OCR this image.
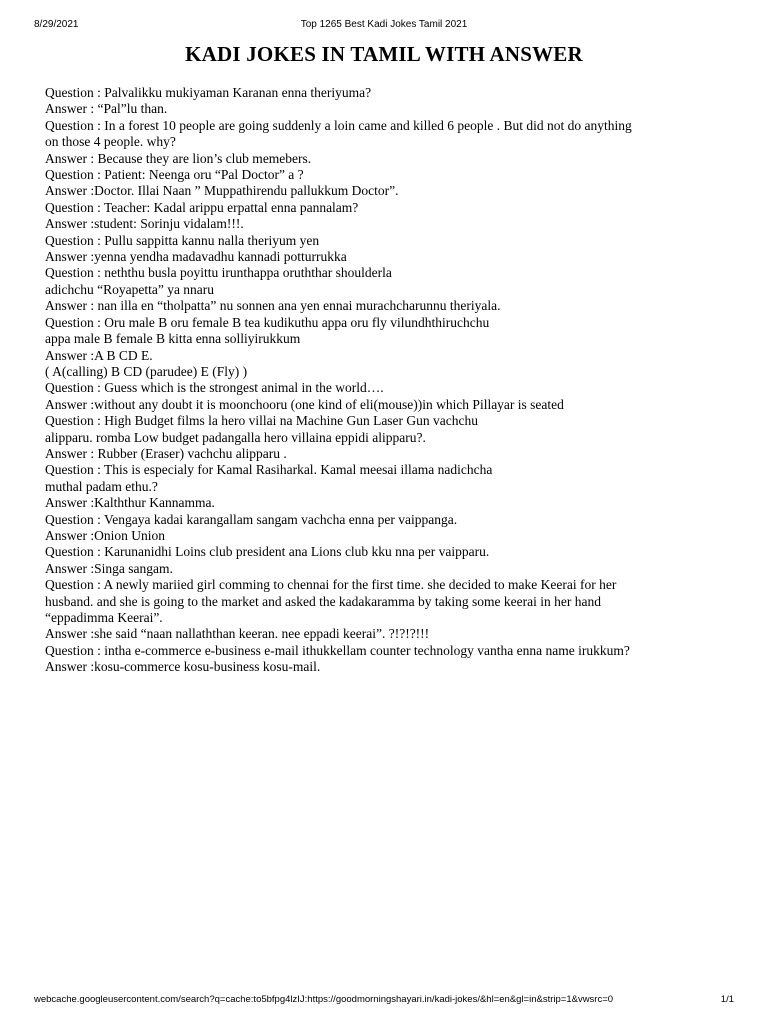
8/29/2021	Top 1265 Best Kadi Jokes Tamil 2021
KADI JOKES IN TAMIL WITH ANSWER
Question : Palvalikku mukiyaman Karanan enna theriyuma?
Answer : “Pal”lu than.
Question : In a forest 10 people are going suddenly a loin came and killed 6 people . But did not do anything
on those 4 people. why?
Answer : Because they are lion’s club memebers.
Question : Patient: Neenga oru “Pal Doctor” a ?
Answer :Doctor. Illai Naan ” Muppathirendu pallukkum Doctor”.
Question : Teacher: Kadal arippu erpattal enna pannalam?
Answer :student: Sorinju vidalam!!!.
Question : Pullu sappitta kannu nalla theriyum yen
Answer :yenna yendha madavadhu kannadi potturrukka
Question : neththu busla poyittu irunthappa oruththar shoulderla
adichchu “Royapetta” ya nnaru
Answer : nan illa en “tholpatta” nu sonnen ana yen ennai murachcharunnu theriyala.
Question : Oru male B oru female B tea kudikuthu appa oru fly vilundhthiruchchu
appa male B female B kitta enna solliyirukkum
Answer :A B CD E.
( A(calling) B CD (parudee) E (Fly) )
Question : Guess which is the strongest animal in the world….
Answer :without any doubt it is moonchooru (one kind of eli(mouse))in which Pillayar is seated
Question : High Budget films la hero villai na Machine Gun Laser Gun vachchu
alipparu. romba Low budget padangalla hero villaina eppidi alipparu?.
Answer : Rubber (Eraser) vachchu alipparu .
Question : This is especialy for Kamal Rasiharkal. Kamal meesai illama nadichcha
muthal padam ethu.?
Answer :Kalththur Kannamma.
Question : Vengaya kadai karangallam sangam vachcha enna per vaippanga.
Answer :Onion Union
Question : Karunanidhi Loins club president ana Lions club kku nna per vaipparu.
Answer :Singa sangam.
Question : A newly mariied girl comming to chennai for the first time. she decided to make Keerai for her
husband. and she is going to the market and asked the kadakaramma by taking some keerai in her hand
“eppadimma Keerai”.
Answer :she said “naan nallaththan keeran. nee eppadi keerai”. ?!?!?!!!
Question : intha e-commerce e-business e-mail ithukkellam counter technology vantha enna name irukkum?
Answer :kosu-commerce kosu-business kosu-mail.
webcache.googleusercontent.com/search?q=cache:to5bfpg4lzIJ:https://goodmorningshayari.in/kadi-jokes/&hl=en&gl=in&strip=1&vwsrc=0	1/1
